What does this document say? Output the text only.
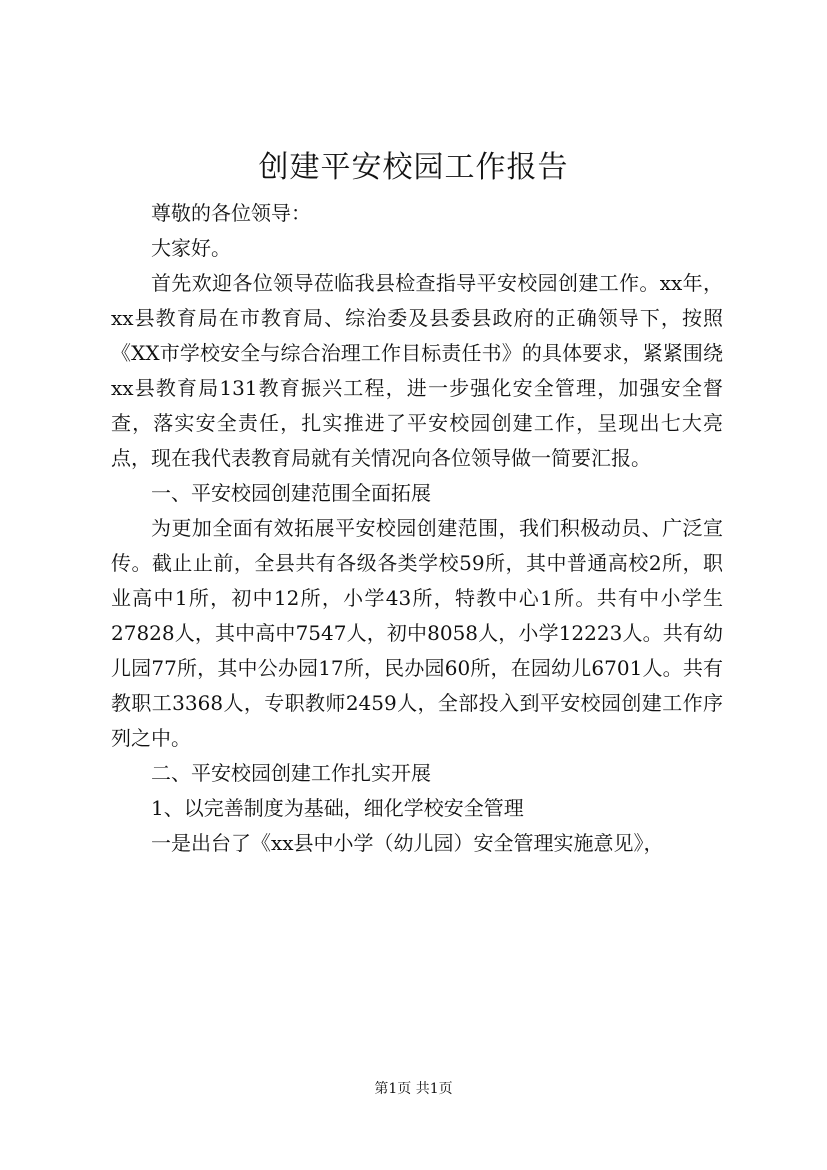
创建平安校园工作报告

尊敬的各位领导：

大家好。

首先欢迎各位领导莅临我县检查指导平安校园创建工作。xx年，xx县教育局在市教育局、综治委及县委县政府的正确领导下，按照《XX市学校安全与综合治理工作目标责任书》的具体要求，紧紧围绕xx县教育局131教育振兴工程，进一步强化安全管理，加强安全督查，落实安全责任，扎实推进了平安校园创建工作，呈现出七大亮点，现在我代表教育局就有关情况向各位领导做一简要汇报。

一、平安校园创建范围全面拓展

为更加全面有效拓展平安校园创建范围，我们积极动员、广泛宣传。截止止前，全县共有各级各类学校59所，其中普通高校2所，职业高中1所，初中12所，小学43所，特教中心1所。共有中小学生27828人，其中高中7547人，初中8058人，小学12223人。共有幼儿园77所，其中公办园17所，民办园60所，在园幼儿6701人。共有教职工3368人，专职教师2459人，全部投入到平安校园创建工作序列之中。

二、平安校园创建工作扎实开展

1、以完善制度为基础，细化学校安全管理

一是出台了《xx县中小学（幼儿园）安全管理实施意见》，

第1页 共1页
